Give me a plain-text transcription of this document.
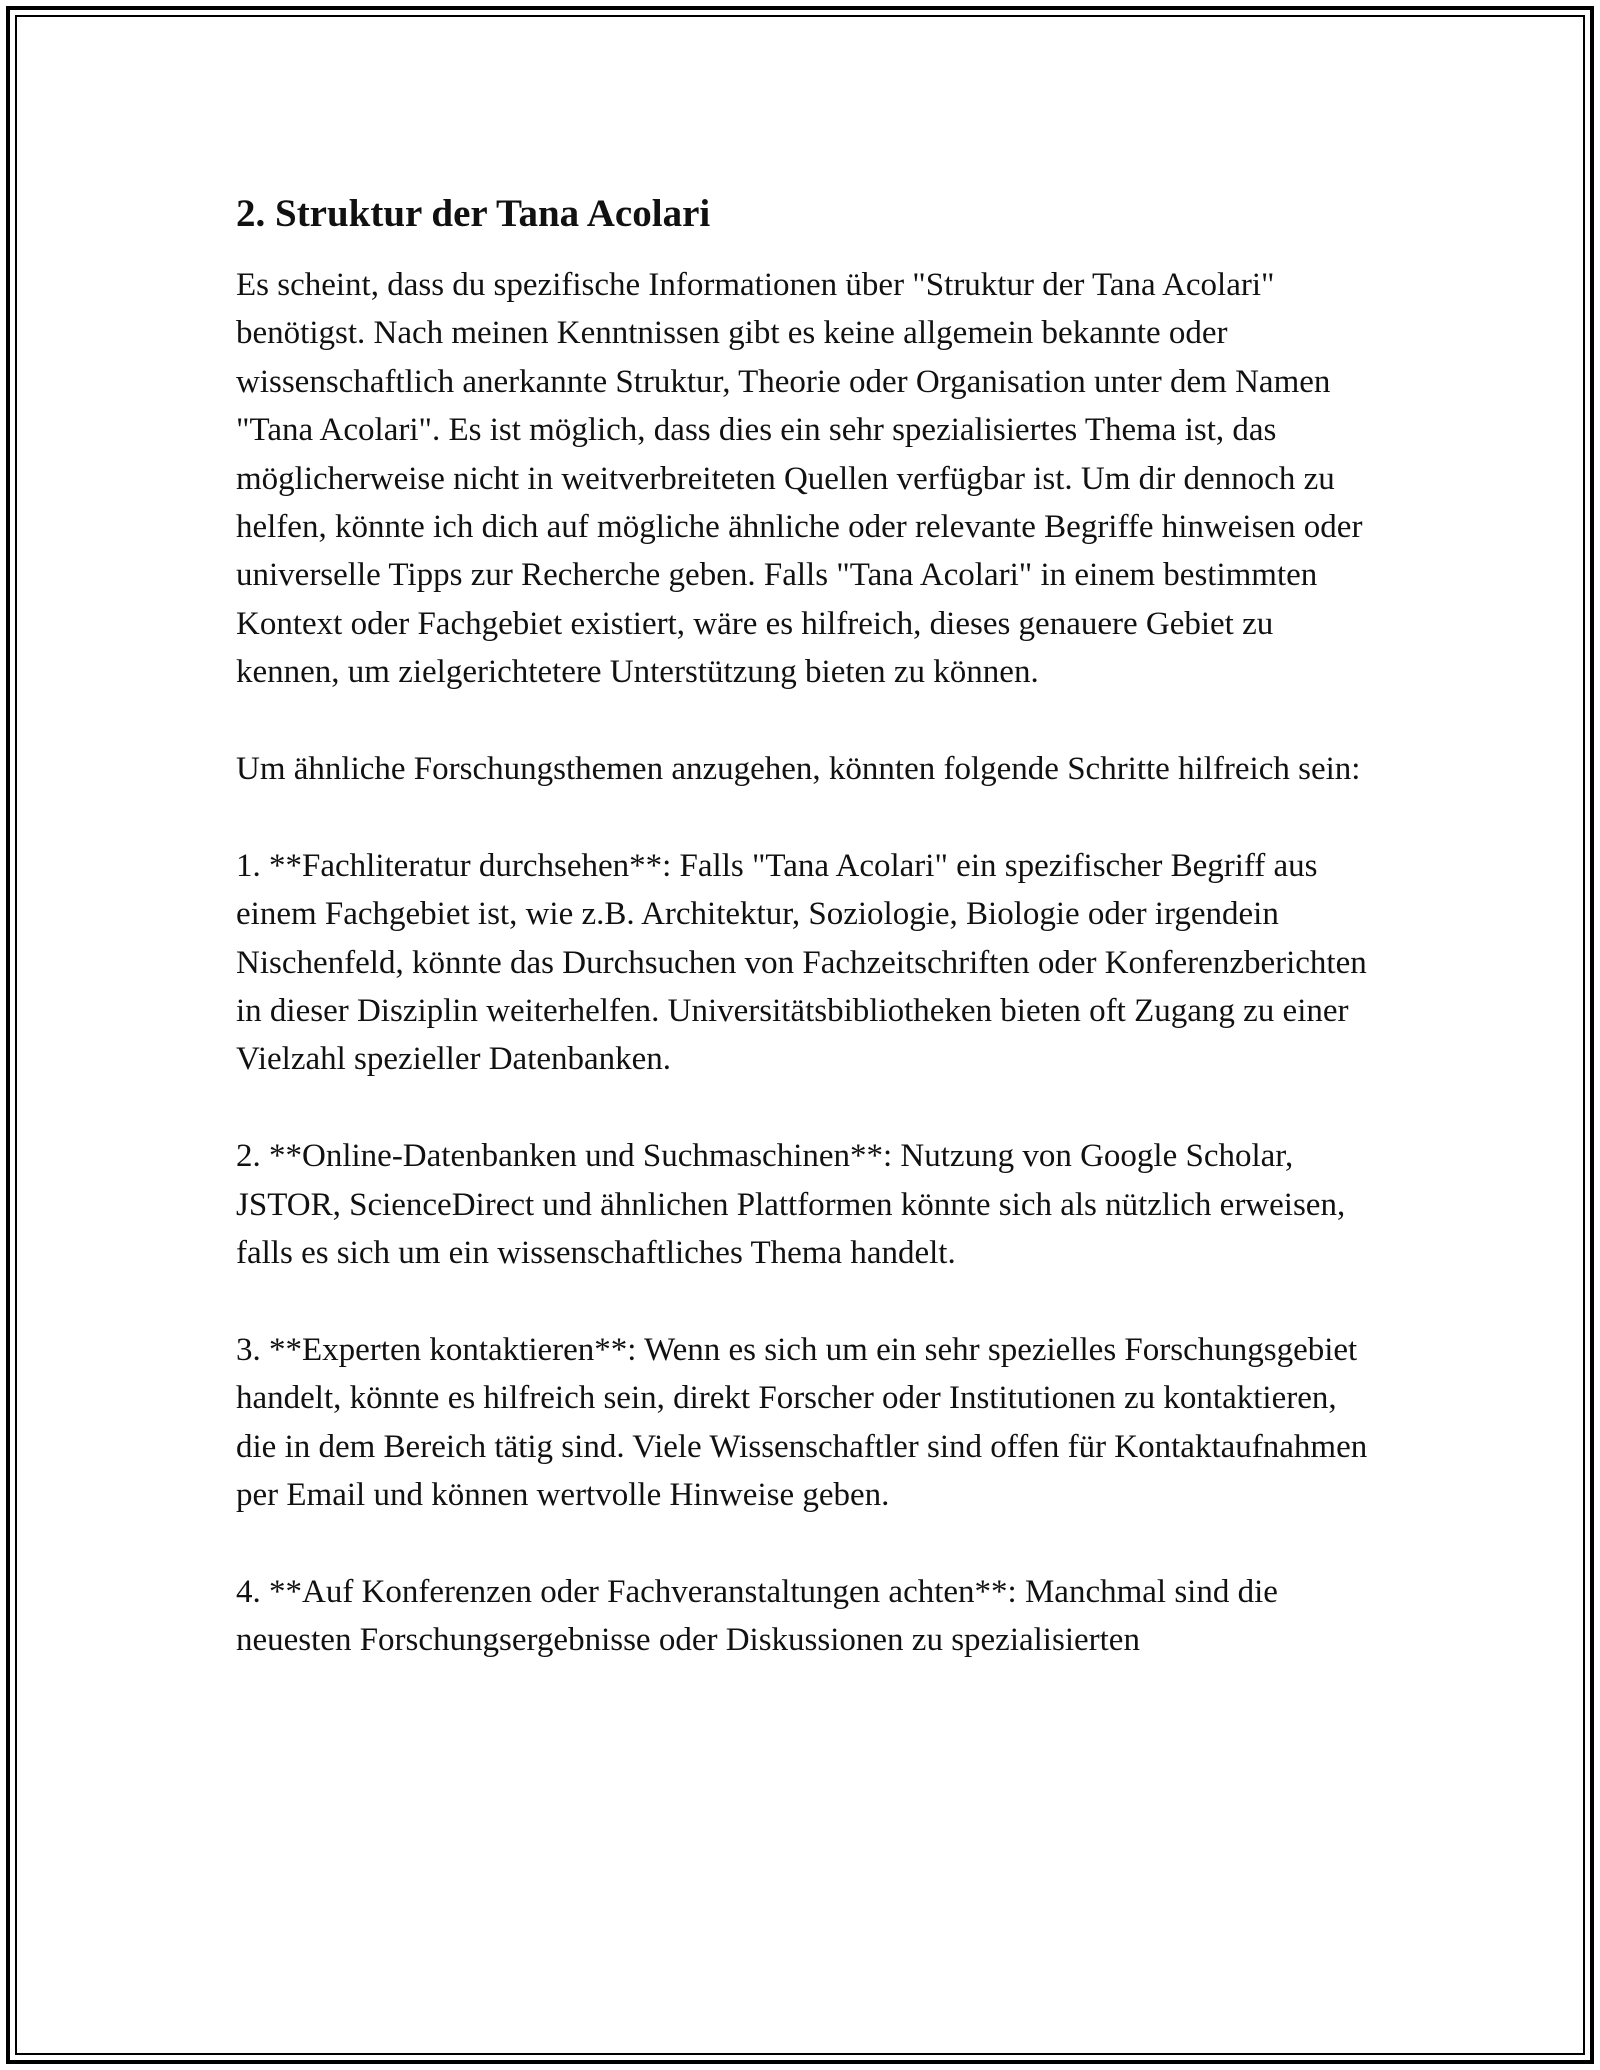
2. Struktur der Tana Acolari

Es scheint, dass du spezifische Informationen über "Struktur der Tana Acolari" benötigst. Nach meinen Kenntnissen gibt es keine allgemein bekannte oder wissenschaftlich anerkannte Struktur, Theorie oder Organisation unter dem Namen "Tana Acolari". Es ist möglich, dass dies ein sehr spezialisiertes Thema ist, das möglicherweise nicht in weitverbreiteten Quellen verfügbar ist. Um dir dennoch zu helfen, könnte ich dich auf mögliche ähnliche oder relevante Begriffe hinweisen oder universelle Tipps zur Recherche geben. Falls "Tana Acolari" in einem bestimmten Kontext oder Fachgebiet existiert, wäre es hilfreich, dieses genauere Gebiet zu kennen, um zielgerichtetere Unterstützung bieten zu können.

Um ähnliche Forschungsthemen anzugehen, könnten folgende Schritte hilfreich sein:

1. **Fachliteratur durchsehen**: Falls "Tana Acolari" ein spezifischer Begriff aus einem Fachgebiet ist, wie z.B. Architektur, Soziologie, Biologie oder irgendein Nischenfeld, könnte das Durchsuchen von Fachzeitschriften oder Konferenzberichten in dieser Disziplin weiterhelfen. Universitätsbibliotheken bieten oft Zugang zu einer Vielzahl spezieller Datenbanken.

2. **Online-Datenbanken und Suchmaschinen**: Nutzung von Google Scholar, JSTOR, ScienceDirect und ähnlichen Plattformen könnte sich als nützlich erweisen, falls es sich um ein wissenschaftliches Thema handelt.

3. **Experten kontaktieren**: Wenn es sich um ein sehr spezielles Forschungsgebiet handelt, könnte es hilfreich sein, direkt Forscher oder Institutionen zu kontaktieren, die in dem Bereich tätig sind. Viele Wissenschaftler sind offen für Kontaktaufnahmen per Email und können wertvolle Hinweise geben.

4. **Auf Konferenzen oder Fachveranstaltungen achten**: Manchmal sind die neuesten Forschungsergebnisse oder Diskussionen zu spezialisierten
